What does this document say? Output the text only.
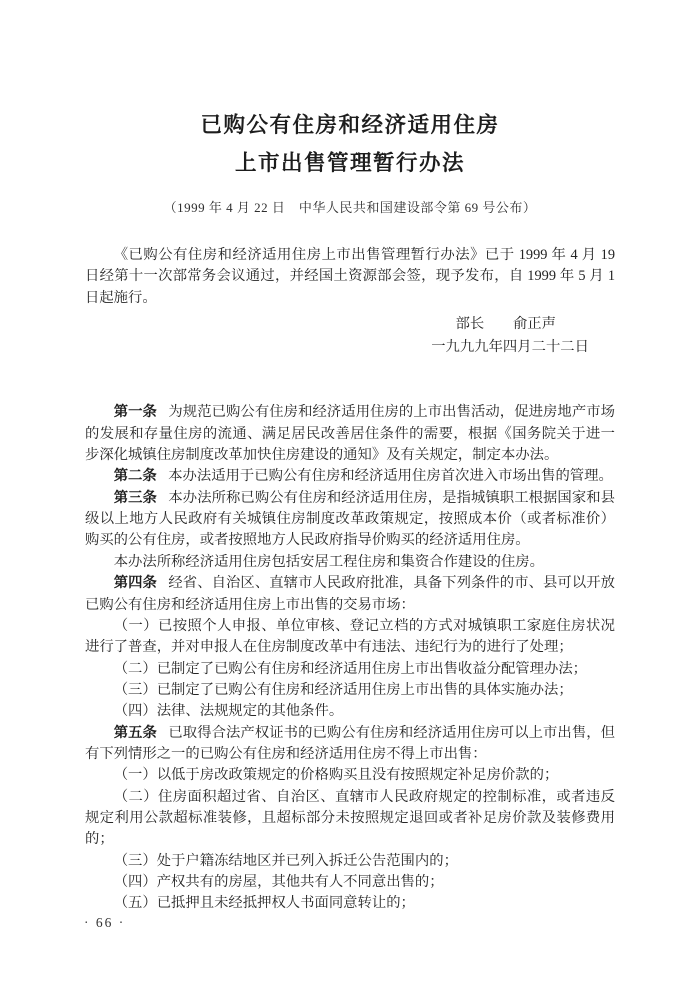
已购公有住房和经济适用住房
上市出售管理暂行办法
（1999 年 4 月 22 日　中华人民共和国建设部令第 69 号公布）

《已购公有住房和经济适用住房上市出售管理暂行办法》已于 1999 年 4 月 19 日经第十一次部常务会议通过，并经国土资源部会签，现予发布，自 1999 年 5 月 1 日起施行。

部长　　俞正声

一九九九年四月二十二日

第一条 为规范已购公有住房和经济适用住房的上市出售活动，促进房地产市场的发展和存量住房的流通、满足居民改善居住条件的需要，根据《国务院关于进一步深化城镇住房制度改革加快住房建设的通知》及有关规定，制定本办法。

第二条 本办法适用于已购公有住房和经济适用住房首次进入市场出售的管理。

第三条 本办法所称已购公有住房和经济适用住房，是指城镇职工根据国家和县级以上地方人民政府有关城镇住房制度改革政策规定，按照成本价（或者标准价）购买的公有住房，或者按照地方人民政府指导价购买的经济适用住房。

本办法所称经济适用住房包括安居工程住房和集资合作建设的住房。

第四条 经省、自治区、直辖市人民政府批准，具备下列条件的市、县可以开放已购公有住房和经济适用住房上市出售的交易市场：

（一）已按照个人申报、单位审核、登记立档的方式对城镇职工家庭住房状况进行了普查，并对申报人在住房制度改革中有违法、违纪行为的进行了处理；

（二）已制定了已购公有住房和经济适用住房上市出售收益分配管理办法；

（三）已制定了已购公有住房和经济适用住房上市出售的具体实施办法；

（四）法律、法规规定的其他条件。

第五条 已取得合法产权证书的已购公有住房和经济适用住房可以上市出售，但有下列情形之一的已购公有住房和经济适用住房不得上市出售：

（一）以低于房改政策规定的价格购买且没有按照规定补足房价款的；

（二）住房面积超过省、自治区、直辖市人民政府规定的控制标准，或者违反规定利用公款超标准装修，且超标部分未按照规定退回或者补足房价款及装修费用的；

（三）处于户籍冻结地区并已列入拆迁公告范围内的；

（四）产权共有的房屋，其他共有人不同意出售的；

（五）已抵押且未经抵押权人书面同意转让的；

· 66 ·
